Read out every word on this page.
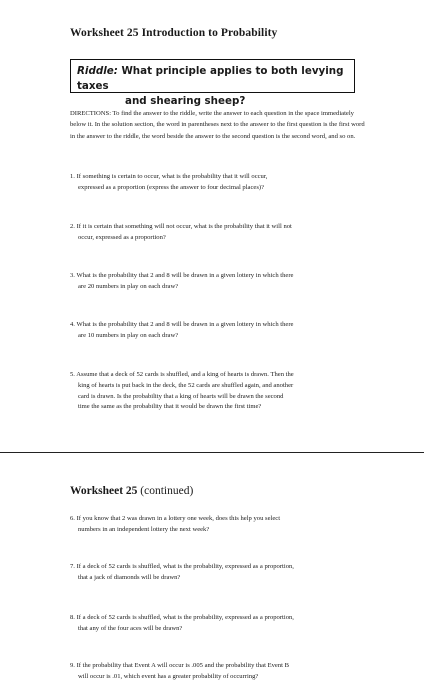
Worksheet 25 Introduction to Probability
Riddle: What principle applies to both levying taxes
and shearing sheep?
DIRECTIONS: To find the answer to the riddle, write the answer to each question in the space immediately below it. In the solution section, the word in parentheses next to the answer to the first question is the first word in the answer to the riddle, the word beside the answer to the second question is the second word, and so on.
1. If something is certain to occur, what is the probability that it will occur,
expressed as a proportion (express the answer to four decimal places)?
2. If it is certain that something will not occur, what is the probability that it will not
occur, expressed as a proportion?
3. What is the probability that 2 and 8 will be drawn in a given lottery in which there
are 20 numbers in play on each draw?
4. What is the probability that 2 and 8 will be drawn in a given lottery in which there
are 10 numbers in play on each draw?
5. Assume that a deck of 52 cards is shuffled, and a king of hearts is drawn. Then the
king of hearts is put back in the deck, the 52 cards are shuffled again, and another
card is drawn. Is the probability that a king of hearts will be drawn the second
time the same as the probability that it would be drawn the first time?
Worksheet 25 (continued)
6. If you know that 2 was drawn in a lottery one week, does this help you select
numbers in an independent lottery the next week?
7. If a deck of 52 cards is shuffled, what is the probability, expressed as a proportion,
that a jack of diamonds will be drawn?
8. If a deck of 52 cards is shuffled, what is the probability, expressed as a proportion,
that any of the four aces will be drawn?
9. If the probability that Event A will occur is .005 and the probability that Event B
will occur is .01, which event has a greater probability of occurring?
